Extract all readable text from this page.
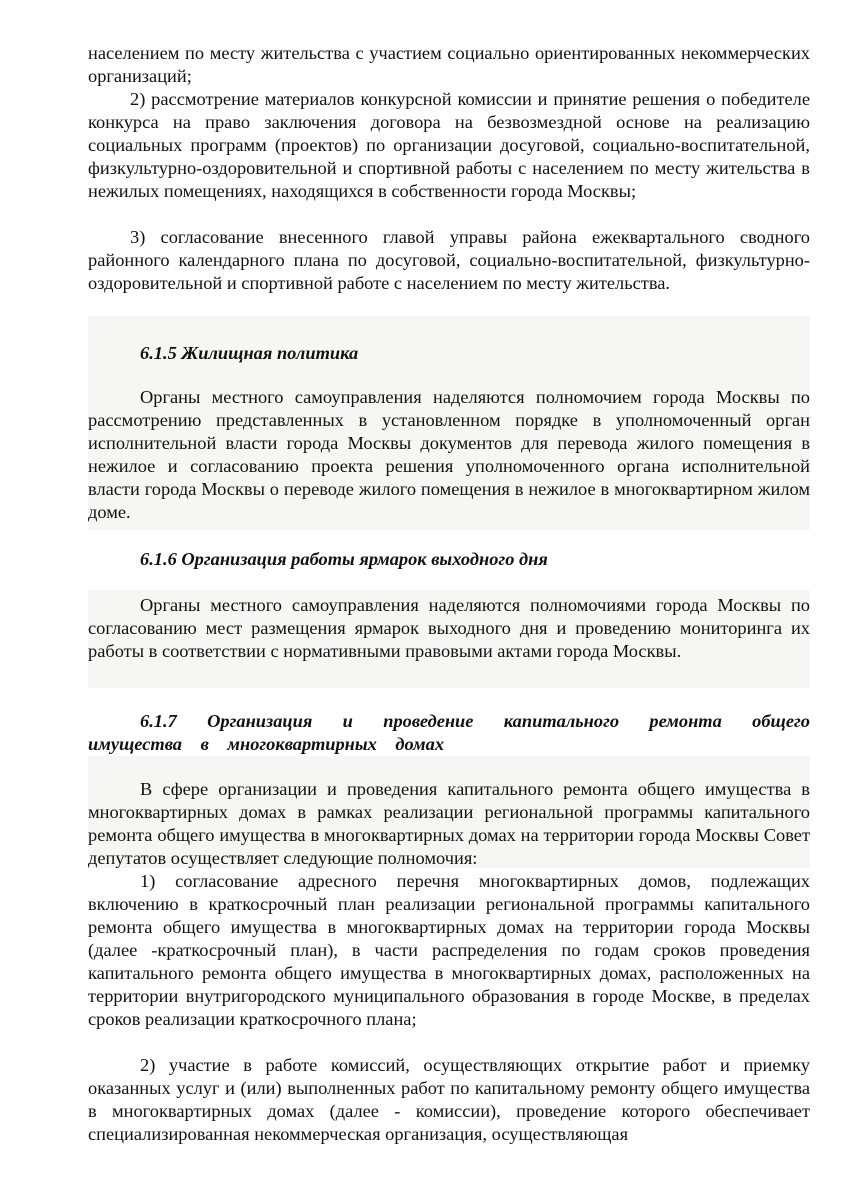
населением по месту жительства с участием социально ориентированных некоммерческих организаций;

2) рассмотрение материалов конкурсной комиссии и принятие решения о победителе конкурса на право заключения договора на безвозмездной основе на реализацию социальных программ (проектов) по организации досуговой, социально-воспитательной, физкультурно-оздоровительной и спортивной работы с населением по месту жительства в нежилых помещениях, находящихся в собственности города Москвы;

3) согласование внесенного главой управы района ежеквартального сводного районного календарного плана по досуговой, социально-воспитательной, физкультурно-оздоровительной и спортивной работе с населением по месту жительства.

6.1.5 Жилищная политика

Органы местного самоуправления наделяются полномочием города Москвы по рассмотрению представленных в установленном порядке в уполномоченный орган исполнительной власти города Москвы документов для перевода жилого помещения в нежилое и согласованию проекта решения уполномоченного органа исполнительной власти города Москвы о переводе жилого помещения в нежилое в многоквартирном жилом доме.

6.1.6 Организация работы ярмарок выходного дня

Органы местного самоуправления наделяются полномочиями города Москвы по согласованию мест размещения ярмарок выходного дня и проведению мониторинга их работы в соответствии с нормативными правовыми актами города Москвы.

6.1.7 Организация и проведение капитального ремонта общего имущества в многоквартирных домах

В сфере организации и проведения капитального ремонта общего имущества в многоквартирных домах в рамках реализации региональной программы капитального ремонта общего имущества в многоквартирных домах на территории города Москвы Совет депутатов осуществляет следующие полномочия:

1) согласование адресного перечня многоквартирных домов, подлежащих включению в краткосрочный план реализации региональной программы капитального ремонта общего имущества в многоквартирных домах на территории города Москвы (далее -краткосрочный план), в части распределения по годам сроков проведения капитального ремонта общего имущества в многоквартирных домах, расположенных на территории внутригородского муниципального образования в городе Москве, в пределах сроков реализации краткосрочного плана;

2) участие в работе комиссий, осуществляющих открытие работ и приемку оказанных услуг и (или) выполненных работ по капитальному ремонту общего имущества в многоквартирных домах (далее - комиссии), проведение которого обеспечивает специализированная некоммерческая организация, осуществляющая
